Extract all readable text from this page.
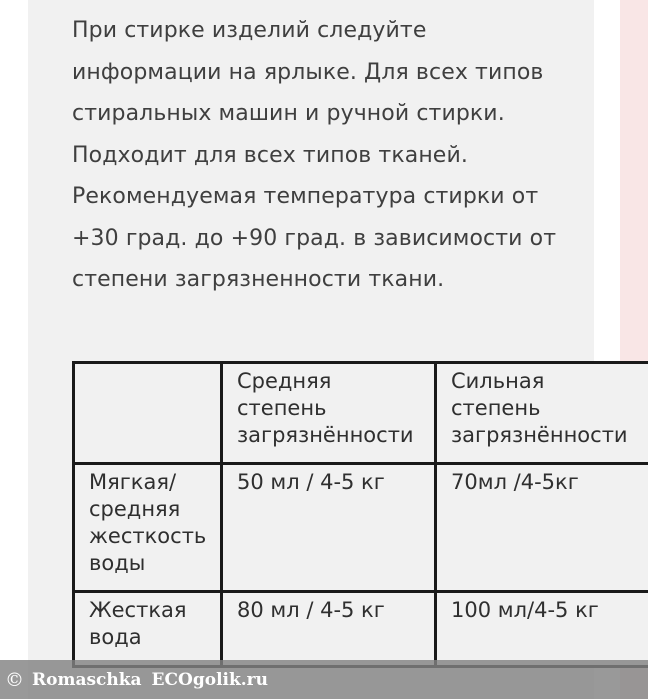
При стирке изделий следуйте
информации на ярлыке. Для всех типов
стиральных машин и ручной стирки.
Подходит для всех типов тканей.
Рекомендуемая температура стирки от
+30 град. до +90 град. в зависимости от
степени загрязненности ткани.

	Средняя степень загрязнённости	Сильная степень загрязнённости
Мягкая/ средняя жесткость воды	50 мл / 4-5 кг	70мл /4-5кг
Жесткая вода	80 мл / 4-5 кг	100 мл/4-5 кг
© Romaschka ECOgolik.ru
